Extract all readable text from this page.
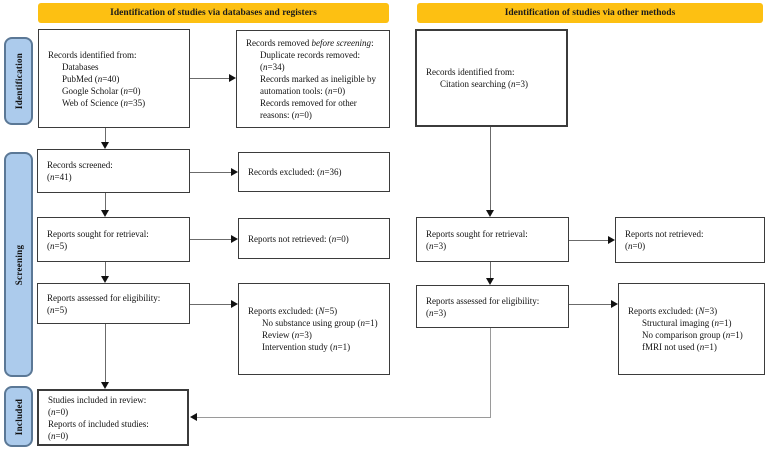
Identification of studies via databases and registers	Identification of studies via other methods
Identification
Screening
Included
Records identified from:
Databases
PubMed (n=40)
Google Scholar (n=0)
Web of Science (n=35)
Records removed before screening:
Duplicate records removed:
(n=34)
Records marked as ineligible by
automation tools: (n=0)
Records removed for other
reasons: (n=0)
Records screened:
(n=41)	Records excluded: (n=36)
Reports sought for retrieval:
(n=5)
Reports not retrieved: (n=0)
Reports assessed for eligibility:
(n=5)	Reports excluded: (N=5)
No substance using group (n=1)
Review (n=3)
Intervention study (n=1)
Studies included in review:
(n=0)
Reports of included studies:
(n=0)
Records identified from:
Citation searching (n=3)
Reports sought for retrieval:
(n=3)
Reports not retrieved:
(n=0)
Reports assessed for eligibility:
(n=3)	Reports excluded: (N=3)
Structural imaging (n=1)
No comparison group (n=1)
fMRI not used (n=1)
